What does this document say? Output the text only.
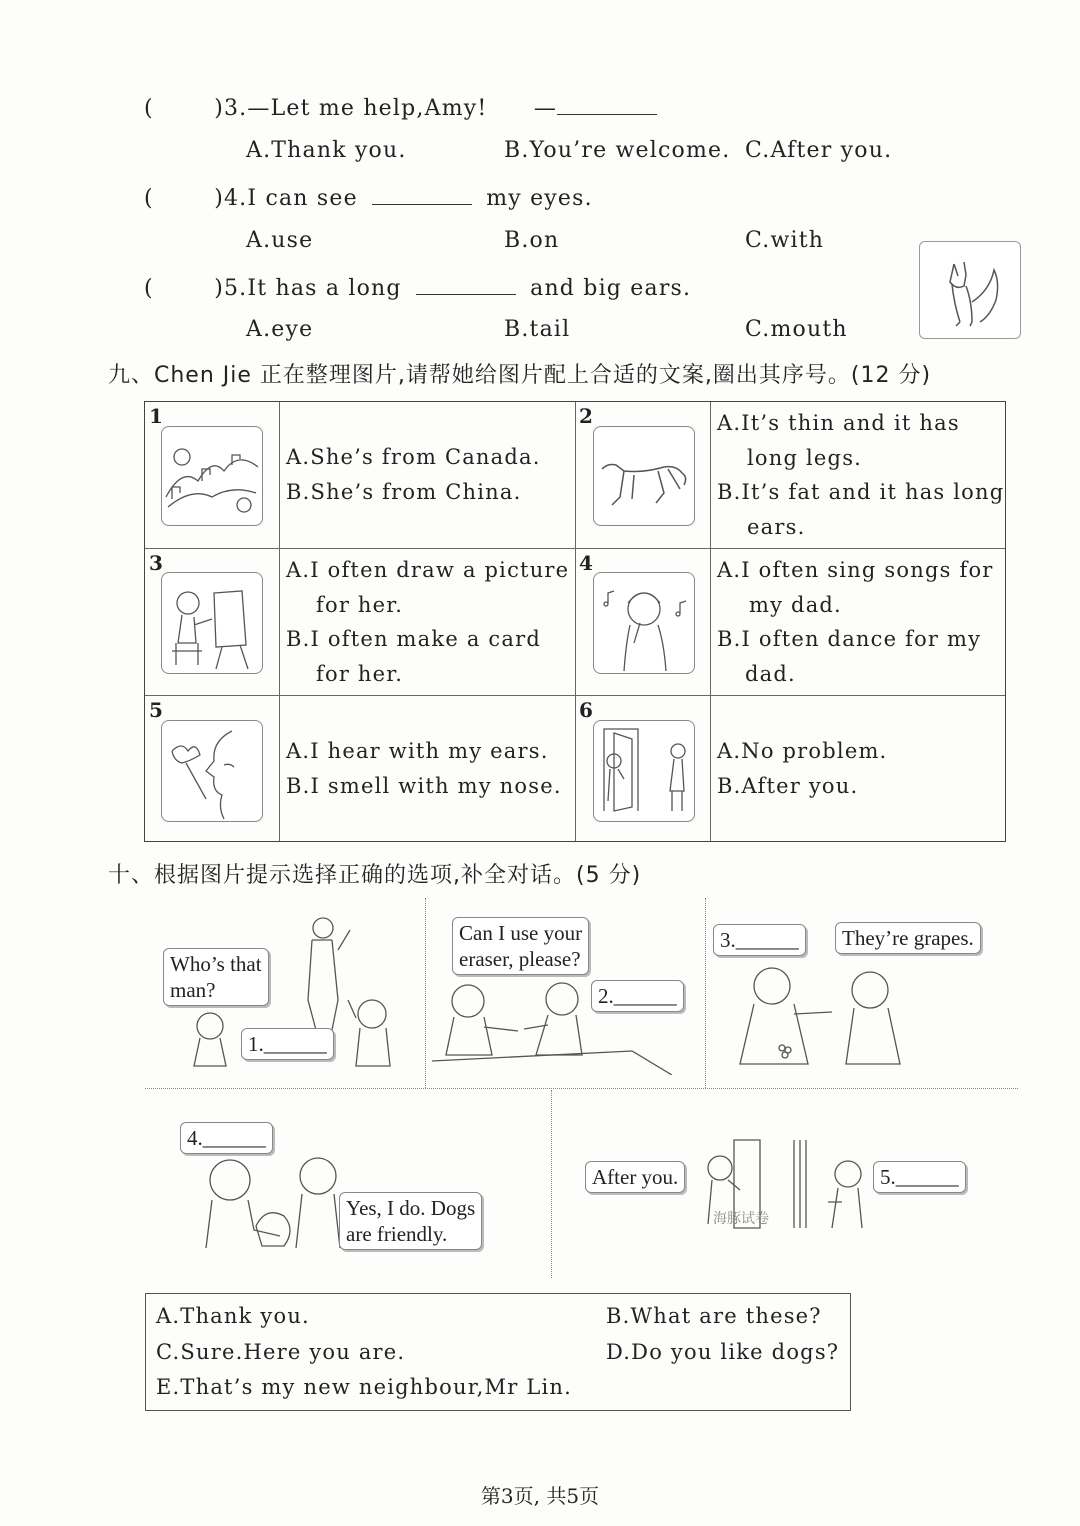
(	)3.—Let me help,Amy! —
A.Thank you.	B.You’re welcome. C.After you.
(	)4.I can see	my eyes.
A.use	B.on	C.with
(	)5.It has a long	and big ears.
A.eye	B.tail	C.mouth
九、Chen Jie 正在整理图片,请帮她给图片配上合适的文案,圈出其序号。(12 分)
1
A.She’s from Canada.
B.She’s from China.
2	A.It’s thin and it has
long legs.
B.It’s fat and it has long
ears.
3	A.I often draw a picture
for her.
B.I often make a card
for her.
4	A.I often sing songs for
my dad.
B.I often dance for my
dad.
5
A.I hear with my ears.
B.I smell with my nose.
6
A.No problem.
B.After you.
十、根据图片提示选择正确的选项,补全对话。(5 分)
Who’s that
man?
1.______
Can I use your
eraser, please?
2.______
3.______	They’re grapes.
4.______
Yes, I do. Dogs
are friendly.
海豚试卷
After you.	5.______
A.Thank you.	B.What are these?
C.Sure.Here you are.	D.Do you like dogs?
E.That’s my new neighbour,Mr Lin.
第3页, 共5页
